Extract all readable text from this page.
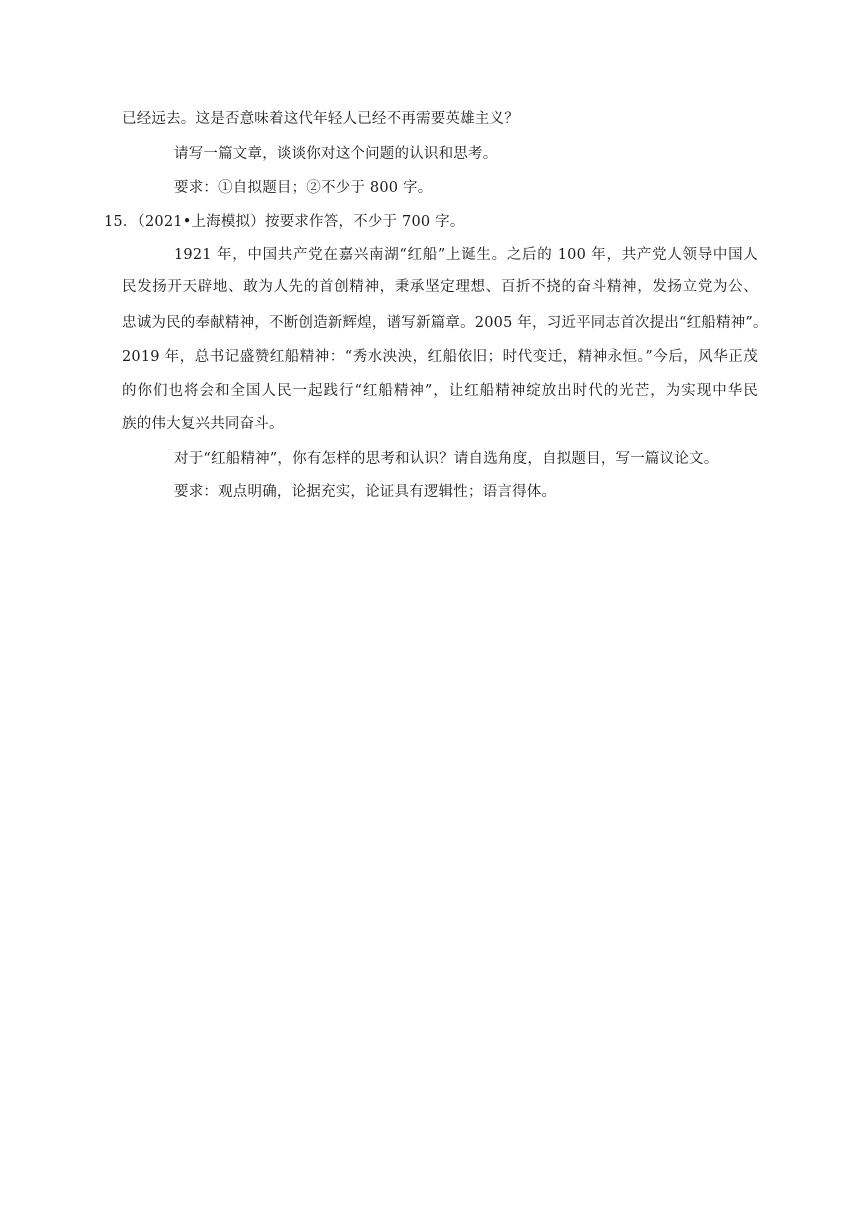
已经远去。这是否意味着这代年轻人已经不再需要英雄主义？
请写一篇文章，谈谈你对这个问题的认识和思考。
要求：①自拟题目；②不少于 800 字。
15．（2021•上海模拟）按要求作答，不少于 700 字。
1921 年，中国共产党在嘉兴南湖“红船”上诞生。之后的 100 年，共产党人领导中国人
民发扬开天辟地、敢为人先的首创精神，秉承坚定理想、百折不挠的奋斗精神，发扬立党为公、
忠诚为民的奉献精神，不断创造新辉煌，谱写新篇章。2005 年，习近平同志首次提出“红船精神”。
2019 年，总书记盛赞红船精神：“秀水泱泱，红船依旧；时代变迁，精神永恒。”今后，风华正茂
的你们也将会和全国人民一起践行“红船精神”，让红船精神绽放出时代的光芒，为实现中华民
族的伟大复兴共同奋斗。
对于“红船精神”，你有怎样的思考和认识？请自选角度，自拟题目，写一篇议论文。
要求：观点明确，论据充实，论证具有逻辑性；语言得体。
